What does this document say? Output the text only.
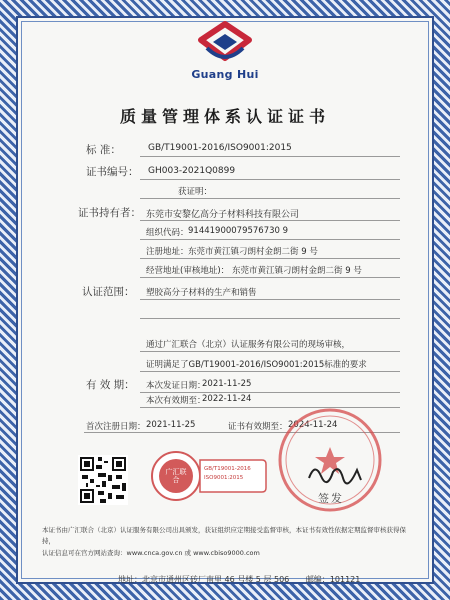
Guang Hui
质量管理体系认证证书
标 准：	GB/T19001-2016/ISO9001:2015
证书编号： GH003-2021Q0899
获证明：
证书持有者： 东莞市安黎亿高分子材料科技有限公司
组织代码： 91441900079576730 9
注册地址： 东莞市黄江镇刁朗村金朗二街 9 号
经营地址(审核地址)： 东莞市黄江镇刁朗村金朗二街 9 号
认证范围： 塑胶高分子材料的生产和销售
通过广汇联合（北京）认证服务有限公司的现场审核，
证明满足了GB/T19001-2016/ISO9001:2015标准的要求
有 效 期： 本次发证日期：
2021-11-25
本次有效期至：
2022-11-24
首次注册日期： 2021-11-25	证书有效期至： 2024-11-24
广汇联合
GB/T19001-2016 ISO9001:2015
签发
本证书由广汇联合（北京）认证服务有限公司出具颁发，获证组织应定期接受监督审核，本证书有效性依据定期监督审核获得保持，
认证信息可在官方网站查询：www.cnca.gov.cn 或 www.cbiso9000.com
地址：北京市通州区砖厂南里 46 号楼 5 层 506 邮编：101121
